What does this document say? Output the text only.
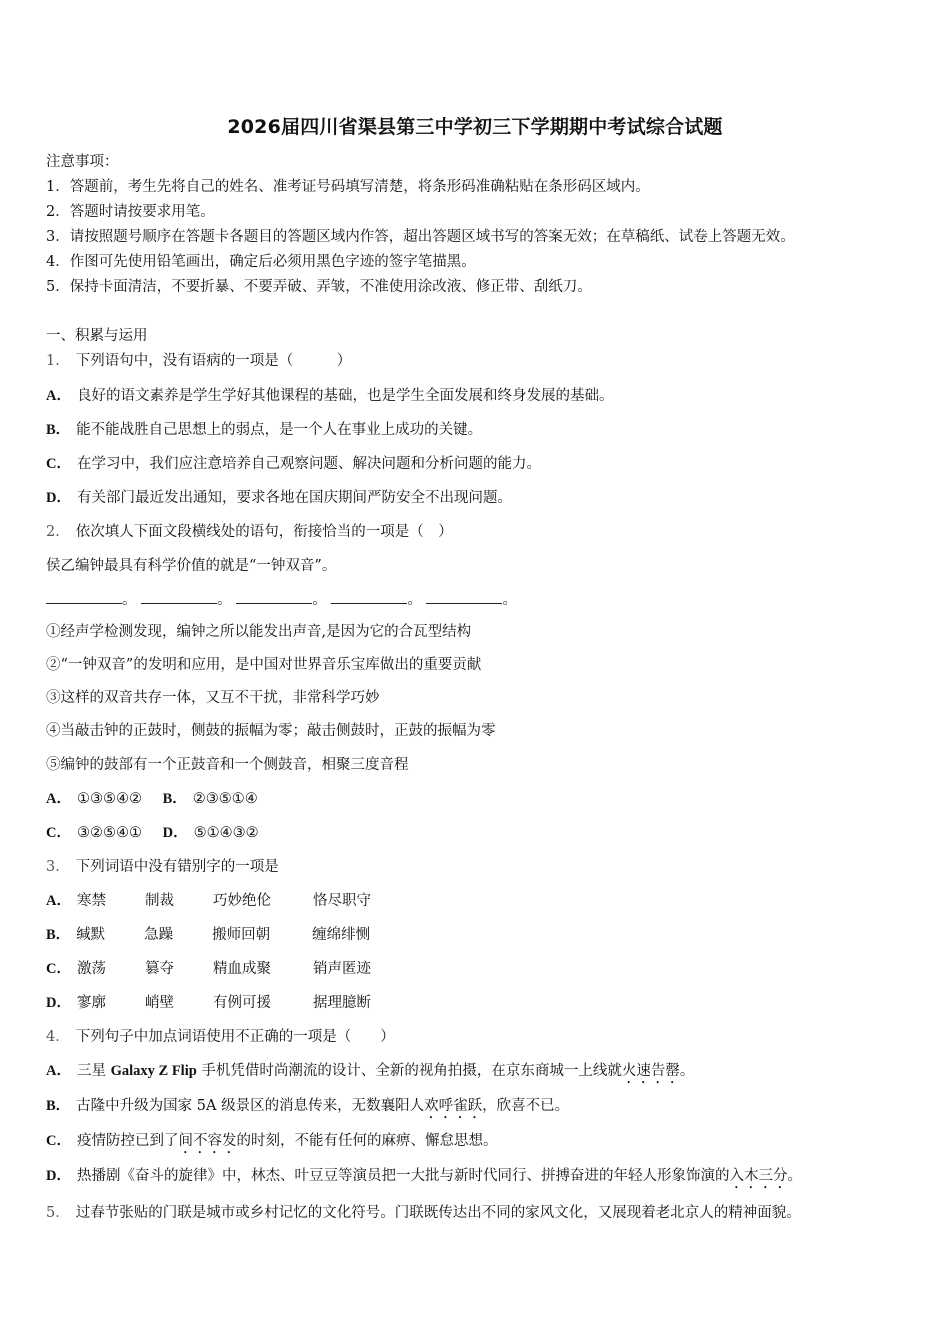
2026届四川省渠县第三中学初三下学期期中考试综合试题
注意事项：
1．答题前，考生先将自己的姓名、准考证号码填写清楚，将条形码准确粘贴在条形码区域内。
2．答题时请按要求用笔。
3．请按照题号顺序在答题卡各题目的答题区域内作答，超出答题区域书写的答案无效；在草稿纸、试卷上答题无效。
4．作图可先使用铅笔画出，确定后必须用黑色字迹的签字笔描黑。
5．保持卡面清洁，不要折暴、不要弄破、弄皱，不准使用涂改液、修正带、刮纸刀。
一、积累与运用
1． 下列语句中，没有语病的一项是（　　　）
A． 良好的语文素养是学生学好其他课程的基础，也是学生全面发展和终身发展的基础。
B． 能不能战胜自己思想上的弱点，是一个人在事业上成功的关键。
C． 在学习中，我们应注意培养自己观察问题、解决问题和分析问题的能力。
D． 有关部门最近发出通知，要求各地在国庆期间严防安全不出现问题。
2． 依次填人下面文段横线处的语句，衔接恰当的一项是（　）
侯乙编钟最具有科学价值的就是“一钟双音”。
。	。	。	。	。
①经声学检测发现，编钟之所以能发出声音,是因为它的合瓦型结构
②“一钟双音”的发明和应用，是中国对世界音乐宝库做出的重要贡献
③这样的双音共存一体，又互不干扰，非常科学巧妙
④当敲击钟的正鼓时，侧鼓的振幅为零；敲击侧鼓时，正鼓的振幅为零
⑤编钟的鼓部有一个正鼓音和一个侧鼓音，相聚三度音程
A． ①③⑤④② B． ②③⑤①④
C． ③②⑤④① D． ⑤①④③②
3． 下列词语中没有错别字的一项是
A． 寒禁	制裁	巧妙绝伦	恪尽职守
B． 缄默	急躁	搬师回朝	缠绵绯恻
C． 激荡	篡夺	精血成聚	销声匿迹
D． 寥廓	峭壁	有例可援	据理臆断
4． 下列句子中加点词语使用不正确的一项是（　　）
A． 三星 Galaxy Z Flip 手机凭借时尚潮流的设计、全新的视角拍摄，在京东商城一上线就火速告罄。
B． 古隆中升级为国家 5A 级景区的消息传来，无数襄阳人欢呼雀跃，欣喜不已。
C． 疫情防控已到了间不容发的时刻，不能有任何的麻痹、懈怠思想。
D． 热播剧《奋斗的旋律》中，林杰、叶豆豆等演员把一大批与新时代同行、拼搏奋进的年轻人形象饰演的入木三分。
5． 过春节张贴的门联是城市或乡村记忆的文化符号。门联既传达出不同的家风文化，又展现着老北京人的精神面貌。
